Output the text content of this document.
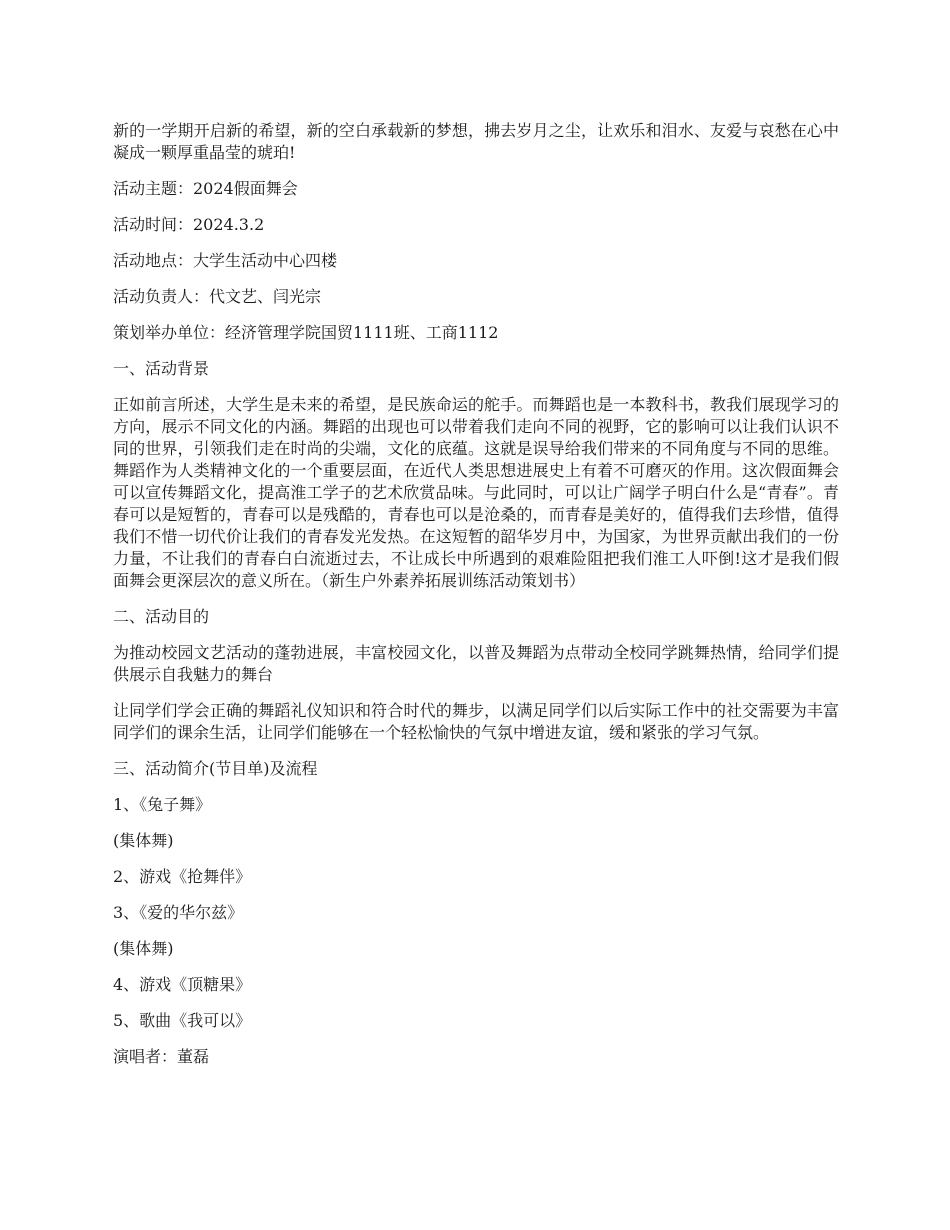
新的一学期开启新的希望，新的空白承载新的梦想，拂去岁月之尘，让欢乐和泪水、友爱与哀愁在心中凝成一颗厚重晶莹的琥珀!

活动主题：2024假面舞会

活动时间：2024.3.2

活动地点：大学生活动中心四楼

活动负责人：代文艺、闫光宗

策划举办单位：经济管理学院国贸1111班、工商1112

一、活动背景

正如前言所述，大学生是未来的希望，是民族命运的舵手。而舞蹈也是一本教科书，教我们展现学习的方向，展示不同文化的内涵。舞蹈的出现也可以带着我们走向不同的视野，它的影响可以让我们认识不同的世界，引领我们走在时尚的尖端，文化的底蕴。这就是误导给我们带来的不同角度与不同的思维。舞蹈作为人类精神文化的一个重要层面，在近代人类思想进展史上有着不可磨灭的作用。这次假面舞会可以宣传舞蹈文化，提高淮工学子的艺术欣赏品味。与此同时，可以让广阔学子明白什么是“青春”。青春可以是短暂的，青春可以是残酷的，青春也可以是沧桑的，而青春是美好的，值得我们去珍惜，值得我们不惜一切代价让我们的青春发光发热。在这短暂的韶华岁月中，为国家，为世界贡献出我们的一份力量，不让我们的青春白白流逝过去，不让成长中所遇到的艰难险阻把我们淮工人吓倒!这才是我们假面舞会更深层次的意义所在。（新生户外素养拓展训练活动策划书）

二、活动目的

为推动校园文艺活动的蓬勃进展，丰富校园文化，以普及舞蹈为点带动全校同学跳舞热情，给同学们提供展示自我魅力的舞台

让同学们学会正确的舞蹈礼仪知识和符合时代的舞步，以满足同学们以后实际工作中的社交需要为丰富同学们的课余生活，让同学们能够在一个轻松愉快的气氛中增进友谊，缓和紧张的学习气氛。

三、活动简介(节目单)及流程

1、《兔子舞》

(集体舞)

2、游戏《抢舞伴》

3、《爱的华尔兹》

(集体舞)

4、游戏《顶糖果》

5、歌曲《我可以》

演唱者：董磊
